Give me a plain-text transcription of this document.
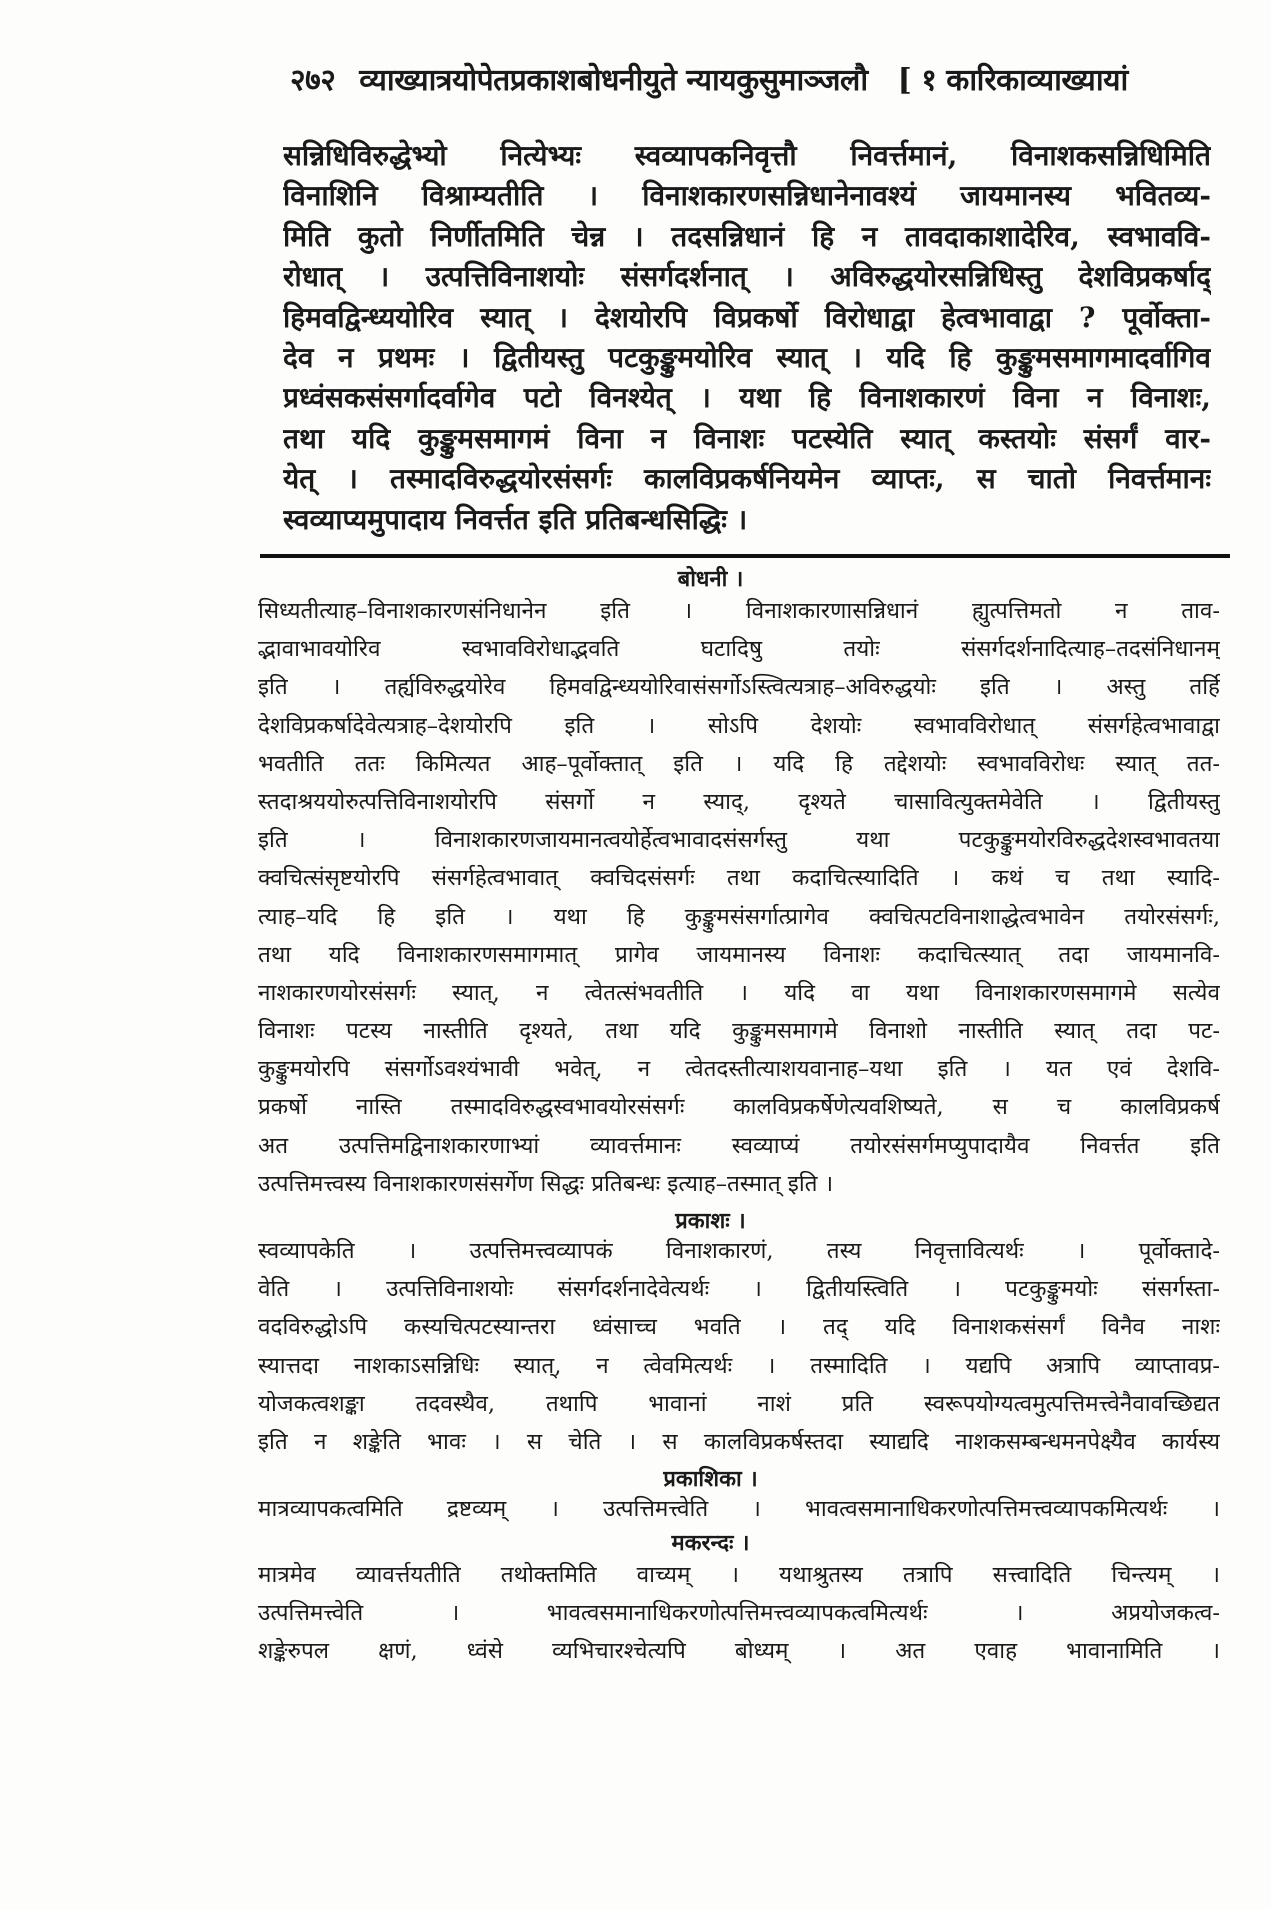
२७२ व्याख्यात्रयोपेतप्रकाशबोधनीयुते न्यायकुसुमाञ्जलौ [ १ कारिकाव्याख्यायां
सन्निधिविरुद्धेभ्यो नित्येभ्यः स्वव्यापकनिवृत्तौ निवर्त्तमानं, विनाशकसन्निधिमिति
विनाशिनि विश्राम्यतीति । विनाशकारणसन्निधानेनावश्यं जायमानस्य भवितव्य-
मिति कुतो निर्णीतमिति चेन्न । तदसन्निधानं हि न तावदाकाशादेरिव, स्वभाववि-
रोधात् । उत्पत्तिविनाशयोः संसर्गदर्शनात् । अविरुद्धयोरसन्निधिस्तु देशविप्रकर्षाद्
हिमवद्विन्ध्ययोरिव स्यात् । देशयोरपि विप्रकर्षो विरोधाद्वा हेत्वभावाद्वा ? पूर्वोक्ता-
देव न प्रथमः । द्वितीयस्तु पटकुङ्कुमयोरिव स्यात् । यदि हि कुङ्कुमसमागमादर्वागिव
प्रध्वंसकसंसर्गादर्वागेव पटो विनश्येत् । यथा हि विनाशकारणं विना न विनाशः,
तथा यदि कुङ्कुमसमागमं विना न विनाशः पटस्येति स्यात् कस्तयोः संसर्गं वार-
येत् । तस्मादविरुद्धयोरसंसर्गः कालविप्रकर्षनियमेन व्याप्तः, स चातो निवर्त्तमानः
स्वव्याप्यमुपादाय निवर्त्तत इति प्रतिबन्धसिद्धिः ।
बोधनी ।
सिध्यतीत्याह–विनाशकारणसंनिधानेन इति । विनाशकारणासन्निधानं ह्युत्पत्तिमतो न ताव-
द्भावाभावयोरिव स्वभावविरोधाद्भवति घटादिषु तयोः संसर्गदर्शनादित्याह–तदसंनिधानम्
इति । तर्ह्यविरुद्धयोरेव हिमवद्विन्ध्ययोरिवासंसर्गोऽस्त्वित्यत्राह–अविरुद्धयोः इति । अस्तु तर्हि
देशविप्रकर्षादेवेत्यत्राह–देशयोरपि इति । सोऽपि देशयोः स्वभावविरोधात् संसर्गहेत्वभावाद्वा
भवतीति ततः किमित्यत आह–पूर्वोक्तात् इति । यदि हि तद्देशयोः स्वभावविरोधः स्यात् तत-
स्तदाश्रययोरुत्पत्तिविनाशयोरपि संसर्गो न स्याद्, दृश्यते चासावित्युक्तमेवेति । द्वितीयस्तु
इति । विनाशकारणजायमानत्वयोर्हेत्वभावादसंसर्गस्तु यथा पटकुङ्कुमयोरविरुद्धदेशस्वभावतया
क्वचित्संसृष्टयोरपि संसर्गहेत्वभावात् क्वचिदसंसर्गः तथा कदाचित्स्यादिति । कथं च तथा स्यादि-
त्याह–यदि हि इति । यथा हि कुङ्कुमसंसर्गात्प्रागेव क्वचित्पटविनाशाद्धेत्वभावेन तयोरसंसर्गः,
तथा यदि विनाशकारणसमागमात् प्रागेव जायमानस्य विनाशः कदाचित्स्यात् तदा जायमानवि-
नाशकारणयोरसंसर्गः स्यात्, न त्वेतत्संभवतीति । यदि वा यथा विनाशकारणसमागमे सत्येव
विनाशः पटस्य नास्तीति दृश्यते, तथा यदि कुङ्कुमसमागमे विनाशो नास्तीति स्यात् तदा पट-
कुङ्कुमयोरपि संसर्गोऽवश्यंभावी भवेत्, न त्वेतदस्तीत्याशयवानाह–यथा इति । यत एवं देशवि-
प्रकर्षो नास्ति तस्मादविरुद्धस्वभावयोरसंसर्गः कालविप्रकर्षेणेत्यवशिष्यते, स च कालविप्रकर्ष
अत उत्पत्तिमद्विनाशकारणाभ्यां व्यावर्त्तमानः स्वव्याप्यं तयोरसंसर्गमप्युपादायैव निवर्त्तत इति
उत्पत्तिमत्त्वस्य विनाशकारणसंसर्गेण सिद्धः प्रतिबन्धः इत्याह–तस्मात् इति ।
प्रकाशः ।
स्वव्यापकेति । उत्पत्तिमत्त्वव्यापकं विनाशकारणं, तस्य निवृत्तावित्यर्थः । पूर्वोक्तादे-
वेति । उत्पत्तिविनाशयोः संसर्गदर्शनादेवेत्यर्थः । द्वितीयस्त्विति । पटकुङ्कुमयोः संसर्गस्ता-
वदविरुद्धोऽपि कस्यचित्पटस्यान्तरा ध्वंसाच्च भवति । तद् यदि विनाशकसंसर्गं विनैव नाशः
स्यात्तदा नाशकाऽसन्निधिः स्यात्, न त्वेवमित्यर्थः । तस्मादिति । यद्यपि अत्रापि व्याप्तावप्र-
योजकत्वशङ्का तदवस्थैव, तथापि भावानां नाशं प्रति स्वरूपयोग्यत्वमुत्पत्तिमत्त्वेनैवावच्छिद्यत
इति न शङ्केति भावः । स चेति । स कालविप्रकर्षस्तदा स्याद्यदि नाशकसम्बन्धमनपेक्ष्यैव कार्यस्य
प्रकाशिका ।
मात्रव्यापकत्वमिति द्रष्टव्यम् । उत्पत्तिमत्त्वेति । भावत्वसमानाधिकरणोत्पत्तिमत्त्वव्यापकमित्यर्थः ।
मकरन्दः ।
मात्रमेव व्यावर्त्तयतीति तथोक्तमिति वाच्यम् । यथाश्रुतस्य तत्रापि सत्त्वादिति चिन्त्यम् ।
उत्पत्तिमत्त्वेति । भावत्वसमानाधिकरणोत्पत्तिमत्त्वव्यापकत्वमित्यर्थः । अप्रयोजकत्व-
शङ्केरुपल क्षणं, ध्वंसे व्यभिचारश्चेत्यपि बोध्यम् । अत एवाह भावानामिति ।
